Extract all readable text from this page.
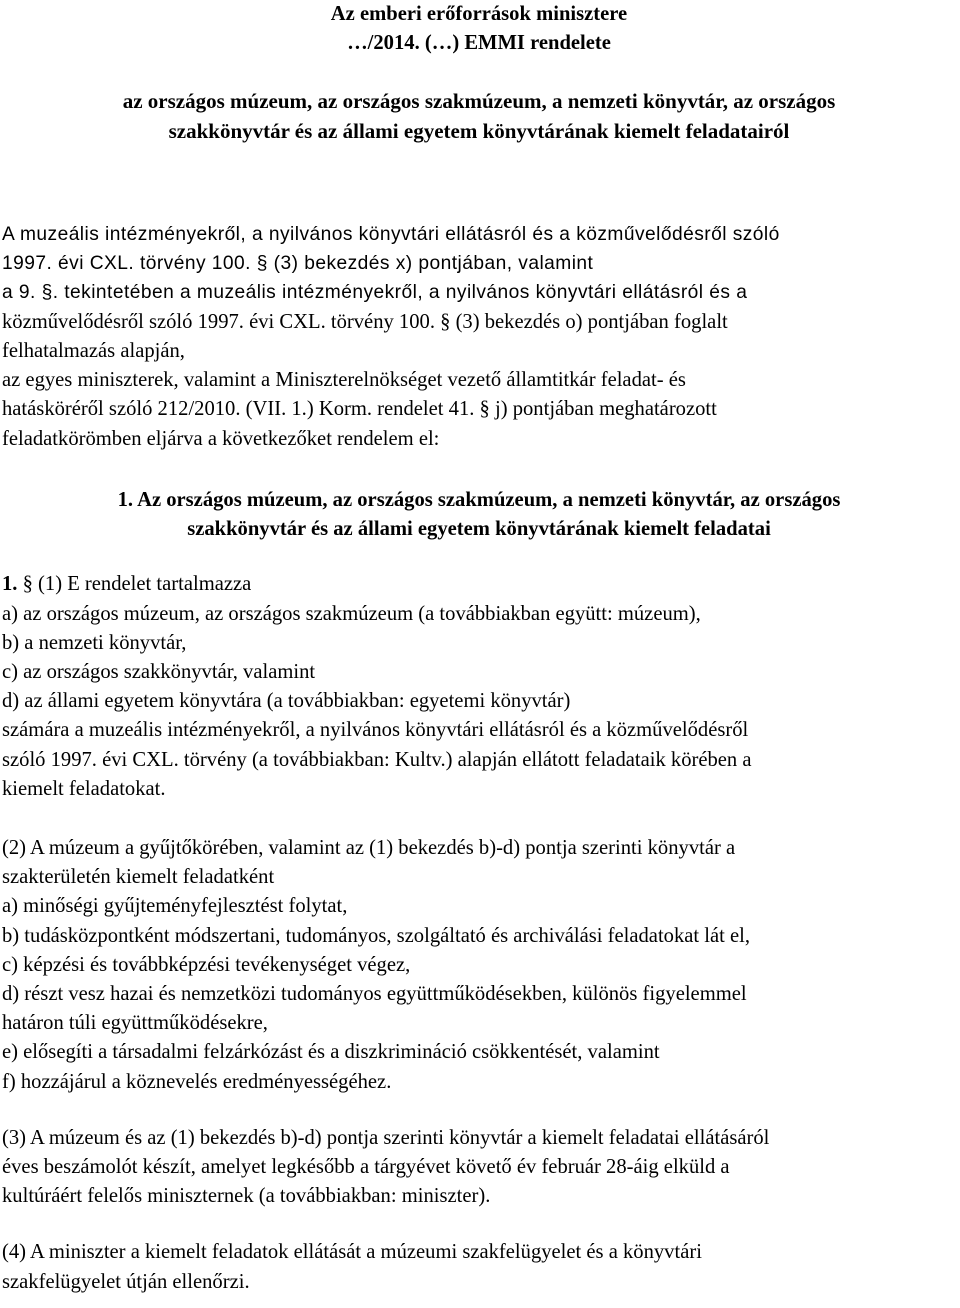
Az emberi erőforrások minisztere
…/2014. (…) EMMI rendelete
az országos múzeum, az országos szakmúzeum, a nemzeti könyvtár, az országos
szakkönyvtár és az állami egyetem könyvtárának kiemelt feladatairól

A muzeális intézményekről, a nyilvános könyvtári ellátásról és a közművelődésről szóló

1997. évi CXL. törvény 100. § (3) bekezdés x) pontjában, valamint

a 9. §. tekintetében a muzeális intézményekről, a nyilvános könyvtári ellátásról és a

közművelődésről szóló 1997. évi CXL. törvény 100. § (3) bekezdés o) pontjában foglalt

felhatalmazás alapján,

az egyes miniszterek, valamint a Miniszterelnökséget vezető államtitkár feladat- és

hatásköréről szóló 212/2010. (VII. 1.) Korm. rendelet 41. § j) pontjában meghatározott

feladatkörömben eljárva a következőket rendelem el:

1. Az országos múzeum, az országos szakmúzeum, a nemzeti könyvtár, az országos
szakkönyvtár és az állami egyetem könyvtárának kiemelt feladatai

1. § (1) E rendelet tartalmazza

a) az országos múzeum, az országos szakmúzeum (a továbbiakban együtt: múzeum),

b) a nemzeti könyvtár,

c) az országos szakkönyvtár, valamint

d) az állami egyetem könyvtára (a továbbiakban: egyetemi könyvtár)

számára a muzeális intézményekről, a nyilvános könyvtári ellátásról és a közművelődésről

szóló 1997. évi CXL. törvény (a továbbiakban: Kultv.) alapján ellátott feladataik körében a

kiemelt feladatokat.

(2) A múzeum a gyűjtőkörében, valamint az (1) bekezdés b)-d) pontja szerinti könyvtár a

szakterületén kiemelt feladatként

a) minőségi gyűjteményfejlesztést folytat,

b) tudásközpontként módszertani, tudományos, szolgáltató és archiválási feladatokat lát el,

c) képzési és továbbképzési tevékenységet végez,

d) részt vesz hazai és nemzetközi tudományos együttműködésekben, különös figyelemmel

határon túli együttműködésekre,

e) elősegíti a társadalmi felzárkózást és a diszkrimináció csökkentését, valamint

f) hozzájárul a köznevelés eredményességéhez.

(3) A múzeum és az (1) bekezdés b)-d) pontja szerinti könyvtár a kiemelt feladatai ellátásáról

éves beszámolót készít, amelyet legkésőbb a tárgyévet követő év február 28-áig elküld a

kultúráért felelős miniszternek (a továbbiakban: miniszter).

(4) A miniszter a kiemelt feladatok ellátását a múzeumi szakfelügyelet és a könyvtári

szakfelügyelet útján ellenőrzi.
